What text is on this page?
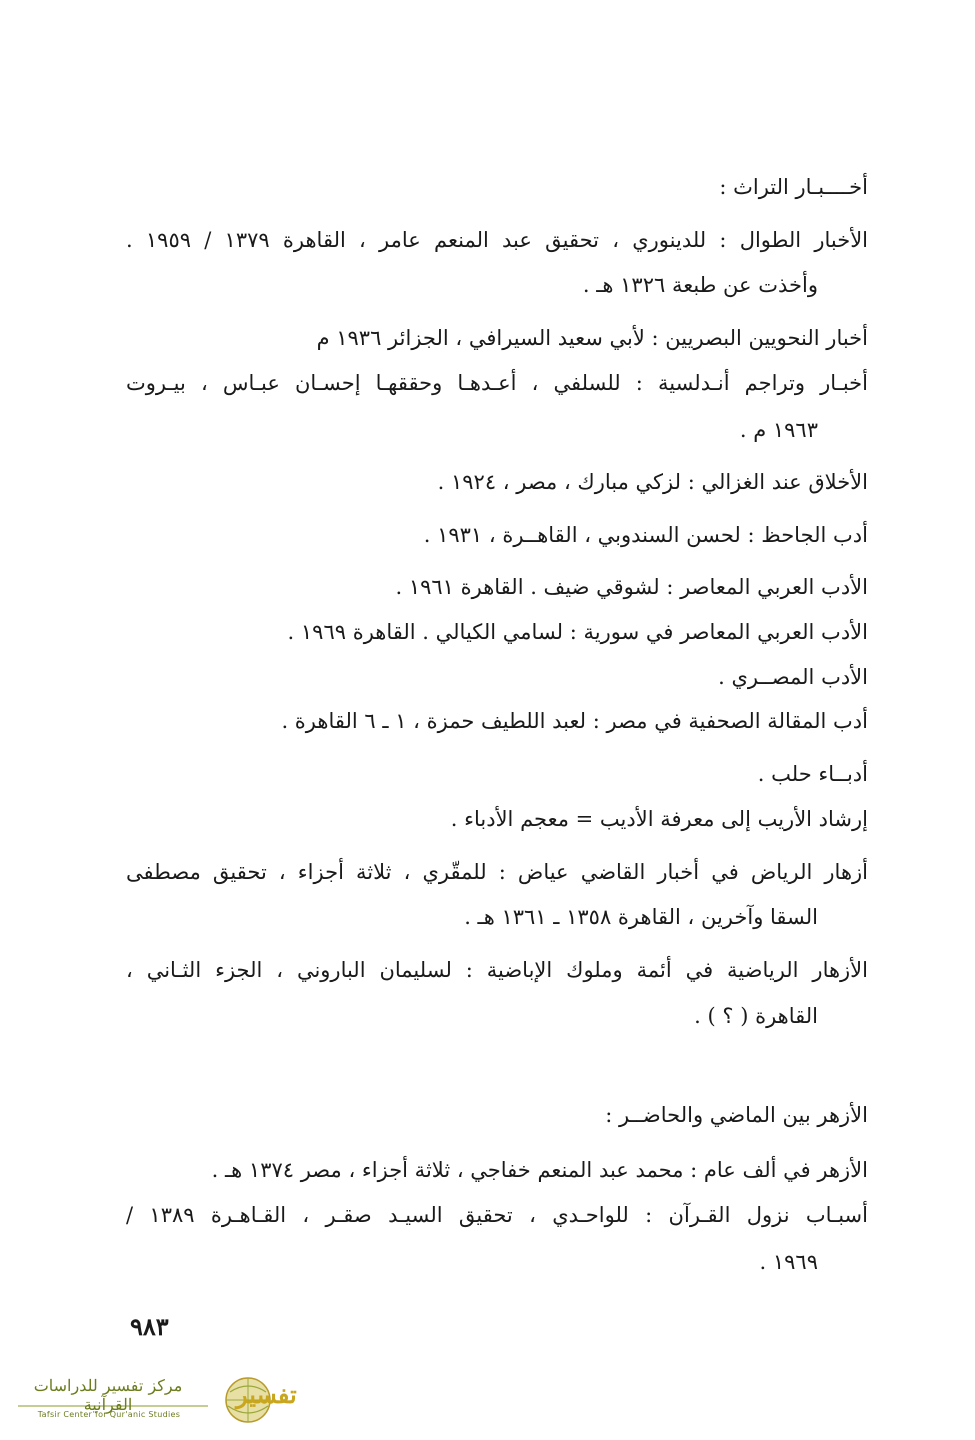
أخــــبـار التراث :
الأخبار الطوال : للدينوري ، تحقيق عبد المنعم عامر ، القاهرة ١٣٧٩ / ١٩٥٩ .
وأخذت عن طبعة ١٣٢٦ هـ .
أخبار النحويين البصريين : لأبي سعيد السيرافي ، الجزائر ١٩٣٦ م
أخبـار وتراجم أنـدلسية : للسلفي ، أعـدهـا وحققهـا إحسـان عبـاس ، بيـروت
١٩٦٣ م .
الأخلاق عند الغزالي : لزكي مبارك ، مصر ، ١٩٢٤ .
أدب الجاحظ : لحسن السندوبي ، القاهــرة ، ١٩٣١ .
الأدب العربي المعاصر : لشوقي ضيف . القاهرة ١٩٦١ .
الأدب العربي المعاصر في سورية : لسامي الكيالي . القاهرة ١٩٦٩ .
الأدب المصــري .
أدب المقالة الصحفية في مصر : لعبد اللطيف حمزة ، ١ ـ ٦ القاهرة .
أدبــاء حلب .
إرشاد الأريب إلى معرفة الأديب = معجم الأدباء .
أزهار الرياض في أخبار القاضي عياض : للمقّري ، ثلاثة أجزاء ، تحقيق مصطفى
السقا وآخرين ، القاهرة ١٣٥٨ ـ ١٣٦١ هـ .
الأزهار الرياضية في أئمة وملوك الإباضية : لسليمان الباروني ، الجزء الثـاني ،
القاهرة ( ؟ ) .
الأزهر بين الماضي والحاضــر :
الأزهر في ألف عام : محمد عبد المنعم خفاجي ، ثلاثة أجزاء ، مصر ١٣٧٤ هـ .
أسبـاب نزول القـرآن : للواحـدي ، تحقيق السيـد صقـر ، القـاهـرة ١٣٨٩ /
١٩٦٩ .
٩٨٣
مركز تفسير للدراسات القرآنية
Tafsir Center for Qur'anic Studies
تفسير
